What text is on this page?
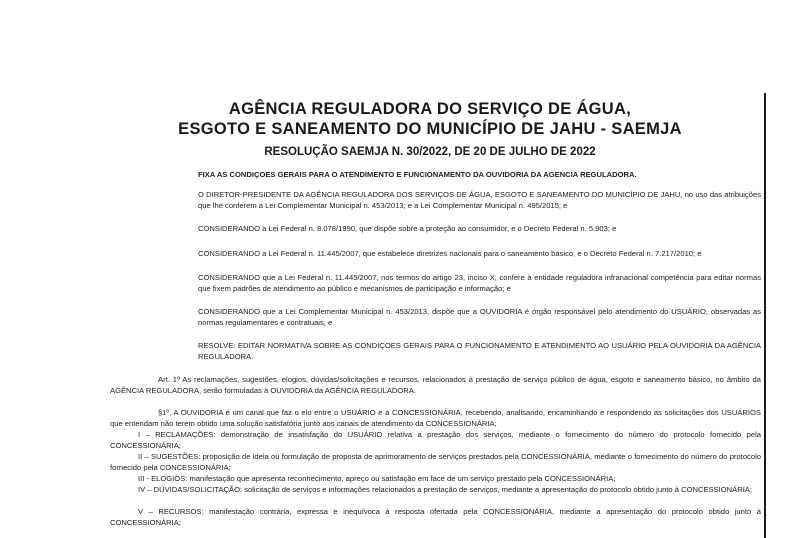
AGÊNCIA REGULADORA DO SERVIÇO DE ÁGUA,
ESGOTO E SANEAMENTO DO MUNICÍPIO DE JAHU - SAEMJA
RESOLUÇÃO SAEMJA N. 30/2022, DE 20 DE JULHO DE 2022
FIXA AS CONDIÇOES GERAIS PARA O ATENDIMENTO E FUNCIONAMENTO DA OUVIDORIA DA AGENCIA REGULADORA.
O DIRETOR-PRESIDENTE DA AGÊNCIA REGULADORA DOS SERVIÇOS DE ÁGUA, ESGOTO E SANEAMENTO DO MUNICÍPIO DE JAHU, no uso das atribuições que lhe conferem a Lei Complementar Municipal n. 453/2013; e a Lei Complementar Municipal n. 495/2015; e
CONSIDERANDO a Lei Federal n. 8.078/1990, que dispõe sobre a proteção ao consumidor, e o Decreto Federal n. 5.903; e
CONSIDERANDO a Lei Federal n. 11.445/2007, que estabelece diretrizes nacionais para o saneamento básico, e o Decreto Federal n. 7.217/2010; e
CONSIDERANDO que a Lei Federal n. 11.445/2007, nos termos do artigo 23, inciso X, confere à entidade reguladora infranacional competência para editar normas que fixem padrões de atendimento ao público e mecanismos de participação e informação; e
CONSIDERANDO que a Lei Complementar Municipal n. 453/2013, dispõe que a OUVIDORIA é órgão responsável pelo atendimento do USUÁRIO, observadas as normas regulamentares e contratuais; e
RESOLVE: EDITAR NORMATIVA SOBRE AS CONDIÇOES GERAIS PARA O FUNCIONAMENTO E ATENDIMENTO AO USUÁRIO PELA OUVIDORIA DA AGÊNCIA REGULADORA.
Art. 1º As reclamações, sugestões, elogios, dúvidas/solicitações e recursos, relacionados à prestação de serviço público de água, esgoto e saneamento básico, no âmbito da AGÊNCIA REGULADORA, serão formuladas à OUVIDORIA da AGÊNCIA REGULADORA.
§1º. A OUVIDORIA é um canal que faz o elo entre o USUÁRIO e a CONCESSIONÁRIA, recebendo, analisando, encaminhando e respondendo as solicitações dos USUÁRIOS que entendam não terem obtido uma solução satisfatória junto aos canais de atendimento da CONCESSIONÁRIA;
I – RECLAMAÇÕES: demonstração de insatisfação do USUÁRIO relativa a prestação dos serviços, mediante o fornecimento do número do protocolo fornecido pela CONCESSIONÁRIA;
II – SUGESTÕES: proposição de ideia ou formulação de proposta de aprimoramento de serviços prestados pela CONCESSIONÁRIA, mediante o fornecimento do número do protocolo fornecido pela CONCESSIONÁRIA;
III - ELOGIOS: manifestação que apresenta reconhecimento, apreço ou satisfação em face de um serviço prestado pela CONCESSIONÁRIA;
IV – DÚVIDAS/SOLICITAÇÃO: solicitação de serviços e informações relacionados a prestação de serviços, mediante a apresentação do protocolo obtido junto à CONCESSIONÁRIA;
V – RECURSOS: manifestação contrária, expressa e inequívoca à resposta ofertada pela CONCESSIONÁRIA, mediante a apresentação do protocolo obtido junto à CONCESSIONÁRIA;
